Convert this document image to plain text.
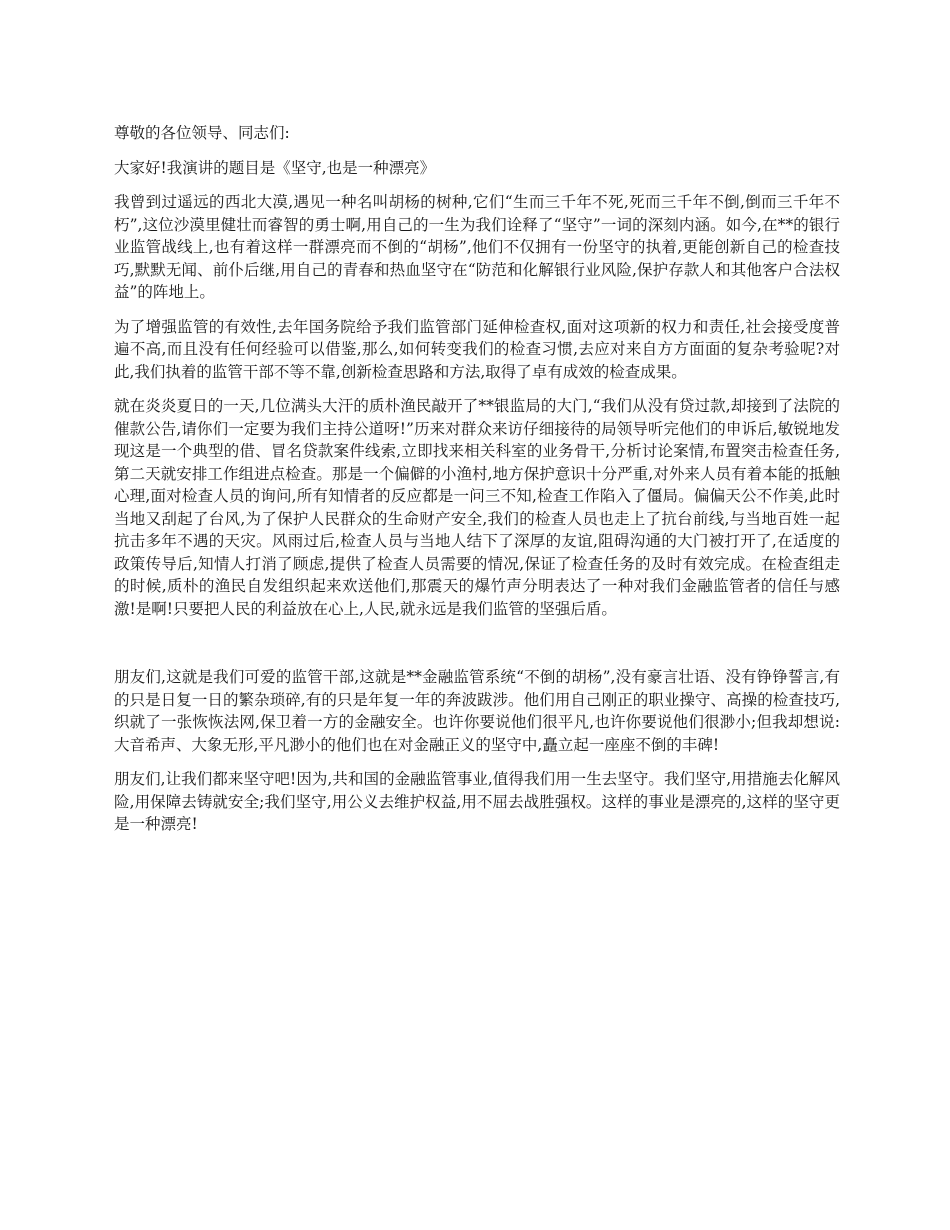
尊敬的各位领导、同志们:

大家好!我演讲的题目是《坚守,也是一种漂亮》

我曾到过遥远的西北大漠,遇见一种名叫胡杨的树种,它们“生而三千年不死,死而三千年不倒,倒而三千年不朽”,这位沙漠里健壮而睿智的勇士啊,用自己的一生为我们诠释了“坚守”一词的深刻内涵。如今,在**的银行业监管战线上,也有着这样一群漂亮而不倒的“胡杨”,他们不仅拥有一份坚守的执着,更能创新自己的检查技巧,默默无闻、前仆后继,用自己的青春和热血坚守在“防范和化解银行业风险,保护存款人和其他客户合法权益”的阵地上。

为了增强监管的有效性,去年国务院给予我们监管部门延伸检查权,面对这项新的权力和责任,社会接受度普遍不高,而且没有任何经验可以借鉴,那么,如何转变我们的检查习惯,去应对来自方方面面的复杂考验呢?对此,我们执着的监管干部不等不靠,创新检查思路和方法,取得了卓有成效的检查成果。

就在炎炎夏日的一天,几位满头大汗的质朴渔民敲开了**银监局的大门,“我们从没有贷过款,却接到了法院的催款公告,请你们一定要为我们主持公道呀!”历来对群众来访仔细接待的局领导听完他们的申诉后,敏锐地发现这是一个典型的借、冒名贷款案件线索,立即找来相关科室的业务骨干,分析讨论案情,布置突击检查任务,第二天就安排工作组进点检查。那是一个偏僻的小渔村,地方保护意识十分严重,对外来人员有着本能的抵触心理,面对检查人员的询问,所有知情者的反应都是一问三不知,检查工作陷入了僵局。偏偏天公不作美,此时当地又刮起了台风,为了保护人民群众的生命财产安全,我们的检查人员也走上了抗台前线,与当地百姓一起抗击多年不遇的天灾。风雨过后,检查人员与当地人结下了深厚的友谊,阻碍沟通的大门被打开了,在适度的政策传导后,知情人打消了顾虑,提供了检查人员需要的情况,保证了检查任务的及时有效完成。在检查组走的时候,质朴的渔民自发组织起来欢送他们,那震天的爆竹声分明表达了一种对我们金融监管者的信任与感激!是啊!只要把人民的利益放在心上,人民,就永远是我们监管的坚强后盾。

朋友们,这就是我们可爱的监管干部,这就是**金融监管系统“不倒的胡杨”,没有豪言壮语、没有铮铮誓言,有的只是日复一日的繁杂琐碎,有的只是年复一年的奔波跋涉。他们用自己刚正的职业操守、高操的检查技巧,织就了一张恢恢法网,保卫着一方的金融安全。也许你要说他们很平凡,也许你要说他们很渺小;但我却想说:大音希声、大象无形,平凡渺小的他们也在对金融正义的坚守中,矗立起一座座不倒的丰碑!

朋友们,让我们都来坚守吧!因为,共和国的金融监管事业,值得我们用一生去坚守。我们坚守,用措施去化解风险,用保障去铸就安全;我们坚守,用公义去维护权益,用不屈去战胜强权。这样的事业是漂亮的,这样的坚守更是一种漂亮!
